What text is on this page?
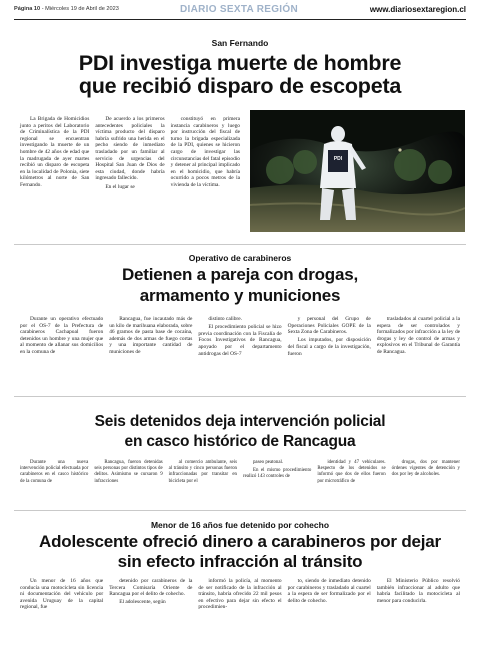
Página 10 - Miércoles 19 de Abril de 2023	DIARIO SEXTA REGIÓN	www.diariosextaregion.cl
San Fernando
PDI investiga muerte de hombre
que recibió disparo de escopeta

La Brigada de Homicidios junto a peritos del Laboratorio de Criminalística de la PDI regional se encuentran investigando la muerte de un hombre de 42 años de edad que la madrugada de ayer martes recibió un disparo de escopeta en la localidad de Polonia, siete kilómetros al norte de San Fernando.

De acuerdo a los primeros antecedentes policiales la víctima producto del disparo habría sufrido una herida en el pecho siendo de inmediato trasladado por un familiar al servicio de urgencias del Hospital San Juan de Dios de esta ciudad, donde habría ingresado fallecido.

En el lugar se

constituyó en primera instancia carabineros y luego por instrucción del fiscal de turno la brigada especializada de la PDI, quienes se hicieron cargo de investigar las circunstancias del fatal episodio y detener al principal implicado en el homicidio, que habría ocurrido a pocos metros de la vivienda de la víctima.

PDI
Operativo de carabineros
Detienen a pareja con drogas,
armamento y municiones

Durante un operativo efectuado por el OS-7 de la Prefectura de carabineros Cachapoal fueron detenidos un hombre y una mujer que al momento de allanar sus domicilios en la comuna de

Rancagua, fue incautado más de un kilo de marihuana elaborada, sobre 46 gramos de pasta base de cocaína, además de dos armas de fuego cortas y una importante cantidad de municiones de

distinto calibre.

El procedimiento policial se hizo previa coordinación con la Fiscalía de Focos Investigativos de Rancagua, apoyado por el departamento antidrogas del OS-7

y personal del Grupo de Operaciones Policiales GOPE de la Sexta Zona de Carabineros.

Los imputados, por disposición del fiscal a cargo de la investigación, fueron

trasladados al cuartel policial a la espera de ser controlados y formalizados por infracción a la ley de drogas y ley de control de armas y explosivos en el Tribunal de Garantía de Rancagua.

Seis detenidos deja intervención policial
en casco histórico de Rancagua

Durante una nueva intervención policial efectuada por carabineros en el casco histórico de la comuna de

Rancagua, fueron detenidas seis personas por distintos tipos de delitos. Asimismo se cursaron 9 infracciones

al comercio ambulante, seis al tránsito y cinco personas fueron infraccionadas por transitar en bicicleta por el

paseo peatonal.

En el mismo procedimiento realizó 143 controles de

identidad y 47 vehiculares. Respecto de los detenidos se informó que dos de ellos fueron por microtráfico de

drogas, dos por mantener órdenes vigentes de detención y dos por ley de alcoholes.

Menor de 16 años fue detenido por cohecho
Adolescente ofreció dinero a carabineros por dejar
sin efecto infracción al tránsito

Un menor de 16 años que conducía una motocicleta sin licencia ni documentación del vehículo por avenida Uruguay de la capital regional, fue

detenido por carabineros de la Tercera Comisaría Oriente de Rancagua por el delito de cohecho.

El adolescente, según

informó la policía, al momento de ser notificado de la infracción al tránsito, habría ofrecido 22 mil pesos en efectivo para dejar sin efecto el procedimien-

to, siendo de inmediato detenido por carabineros y trasladado al cuartel a la espera de ser formalizado por el delito de cohecho.

El Ministerio Público resolvió también infraccionar al adulto que habría facilitado la motocicleta al menor para conducirla.
